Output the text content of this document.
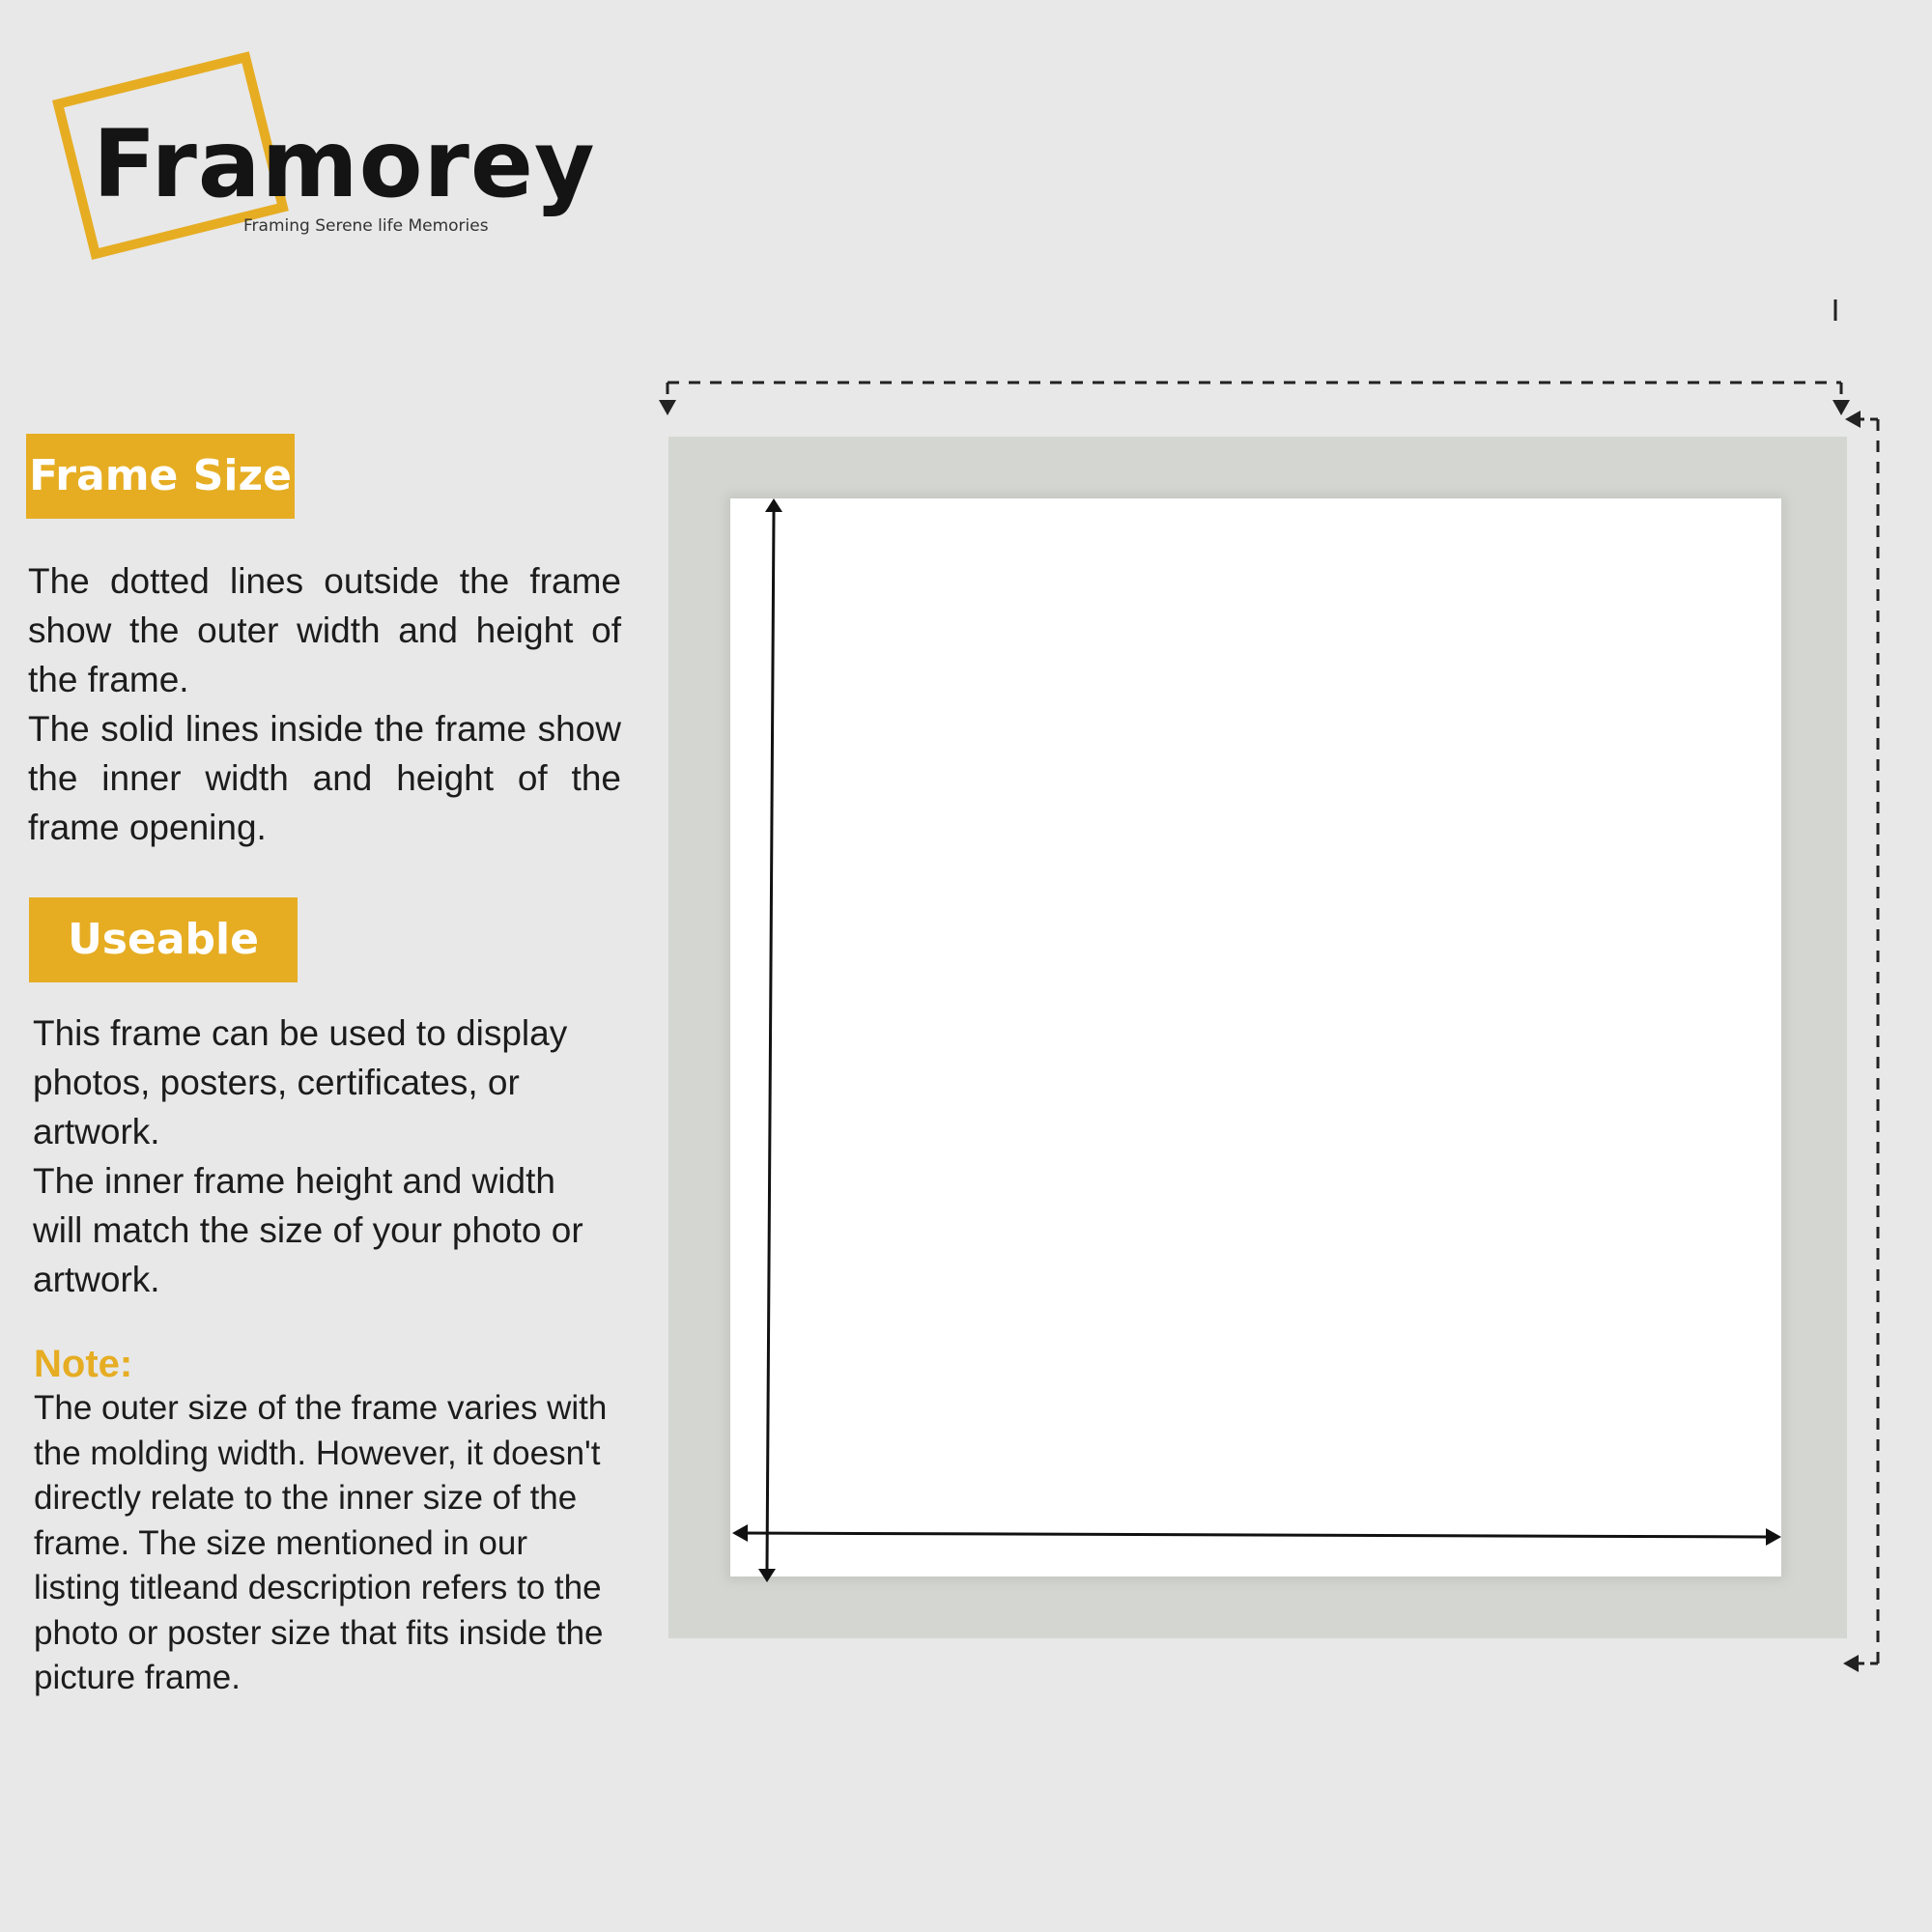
Framorey
Framing Serene life Memories
Frame Size

The dotted lines outside the frame show the outer width and height of the frame.

The solid lines inside the frame show the inner width and height of the frame opening.

Useable

This frame can be used to display photos, posters, certificates, or artwork.

The inner frame height and width will match the size of your photo or artwork.

Note:
The outer size of the frame varies with the molding width. However, it doesn't directly relate to the inner size of the frame. The size mentioned in our listing titleand description refers to the photo or poster size that fits inside the picture frame.
